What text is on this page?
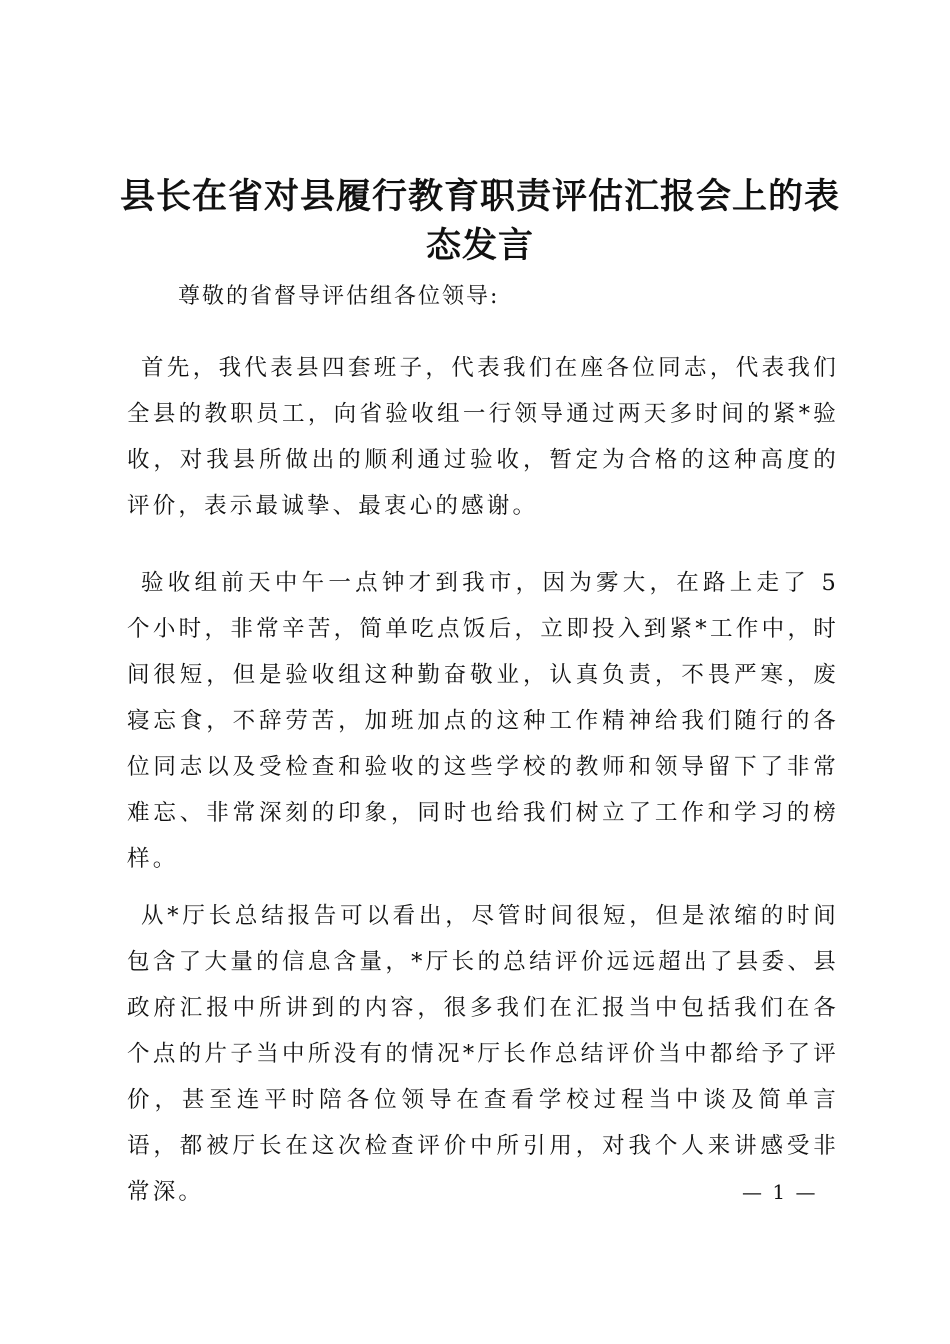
县长在省对县履行教育职责评估汇报会上的表态发言

尊敬的省督导评估组各位领导:

首先，我代表县四套班子，代表我们在座各位同志，代表我们全县的教职员工，向省验收组一行领导通过两天多时间的紧*验收，对我县所做出的顺利通过验收，暂定为合格的这种高度的评价，表示最诚挚、最衷心的感谢。

验收组前天中午一点钟才到我市，因为雾大，在路上走了 5 个小时，非常辛苦，简单吃点饭后，立即投入到紧*工作中，时间很短，但是验收组这种勤奋敬业，认真负责，不畏严寒，废寝忘食，不辞劳苦，加班加点的这种工作精神给我们随行的各位同志以及受检查和验收的这些学校的教师和领导留下了非常难忘、非常深刻的印象，同时也给我们树立了工作和学习的榜样。

从*厅长总结报告可以看出，尽管时间很短，但是浓缩的时间包含了大量的信息含量，*厅长的总结评价远远超出了县委、县政府汇报中所讲到的内容，很多我们在汇报当中包括我们在各个点的片子当中所没有的情况*厅长作总结评价当中都给予了评价，甚至连平时陪各位领导在查看学校过程当中谈及简单言语，都被厅长在这次检查评价中所引用，对我个人来讲感受非常深。	— 1 —
